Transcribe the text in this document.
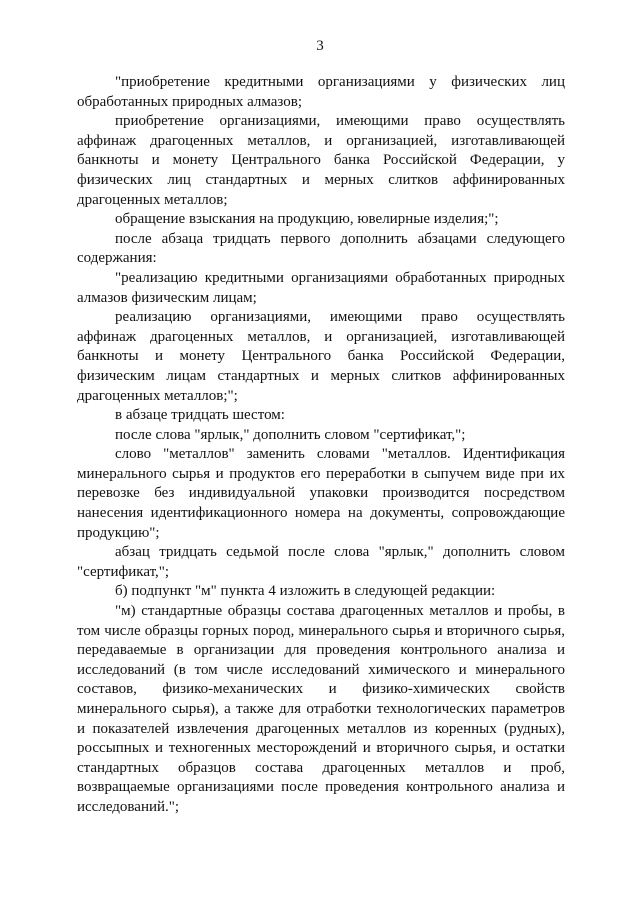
3

"приобретение кредитными организациями у физических лиц обработанных природных алмазов;

приобретение организациями, имеющими право осуществлять аффинаж драгоценных металлов, и организацией, изготавливающей банкноты и монету Центрального банка Российской Федерации, у физических лиц стандартных и мерных слитков аффинированных драгоценных металлов;

обращение взыскания на продукцию, ювелирные изделия;";

после абзаца тридцать первого дополнить абзацами следующего содержания:

"реализацию кредитными организациями обработанных природных алмазов физическим лицам;

реализацию организациями, имеющими право осуществлять аффинаж драгоценных металлов, и организацией, изготавливающей банкноты и монету Центрального банка Российской Федерации, физическим лицам стандартных и мерных слитков аффинированных драгоценных металлов;";

в абзаце тридцать шестом:

после слова "ярлык," дополнить словом "сертификат,";

слово "металлов" заменить словами "металлов. Идентификация минерального сырья и продуктов его переработки в сыпучем виде при их перевозке без индивидуальной упаковки производится посредством нанесения идентификационного номера на документы, сопровождающие продукцию";

абзац тридцать седьмой после слова "ярлык," дополнить словом "сертификат,";

б) подпункт "м" пункта 4 изложить в следующей редакции:

"м) стандартные образцы состава драгоценных металлов и пробы, в том числе образцы горных пород, минерального сырья и вторичного сырья, передаваемые в организации для проведения контрольного анализа и исследований (в том числе исследований химического и минерального составов, физико-механических и физико-химических свойств минерального сырья), а также для отработки технологических параметров и показателей извлечения драгоценных металлов из коренных (рудных), россыпных и техногенных месторождений и вторичного сырья, и остатки стандартных образцов состава драгоценных металлов и проб, возвращаемые организациями после проведения контрольного анализа и исследований.";
